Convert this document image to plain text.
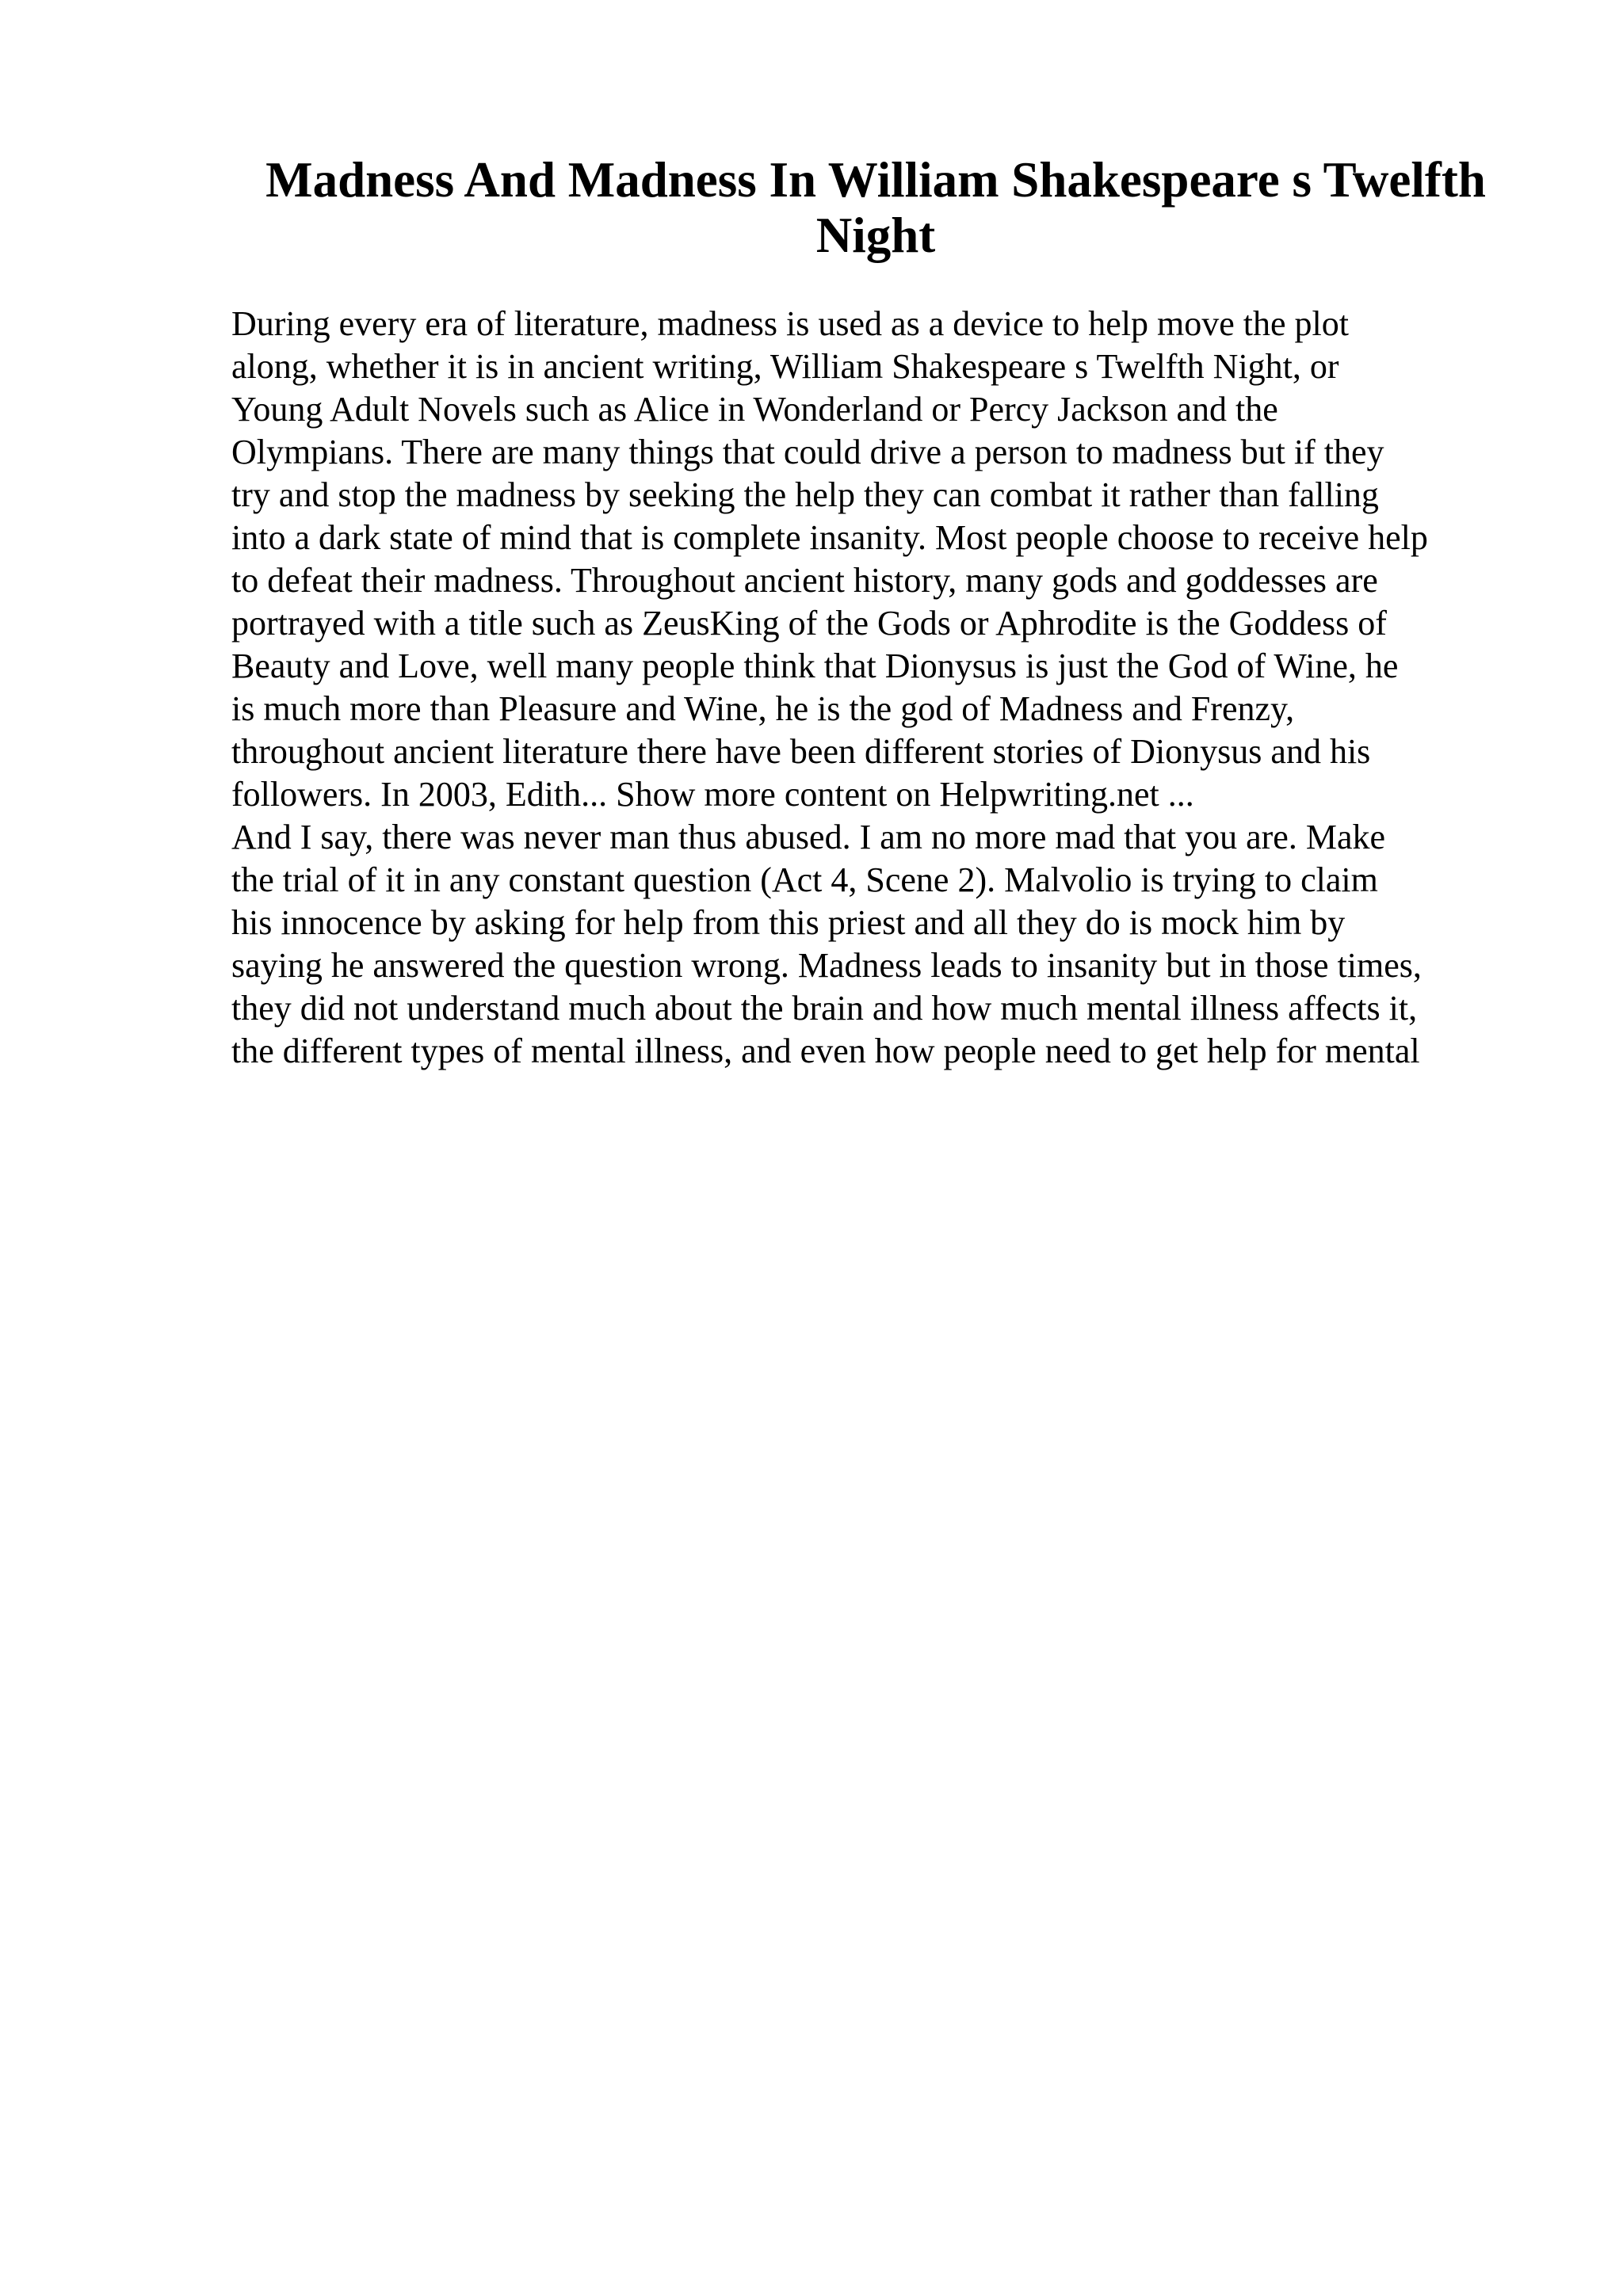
Madness And Madness In William Shakespeare s Twelfth Night
During every era of literature, madness is used as a device to help move the plot
along, whether it is in ancient writing, William Shakespeare s Twelfth Night, or
Young Adult Novels such as Alice in Wonderland or Percy Jackson and the
Olympians. There are many things that could drive a person to madness but if they
try and stop the madness by seeking the help they can combat it rather than falling
into a dark state of mind that is complete insanity. Most people choose to receive help
to defeat their madness. Throughout ancient history, many gods and goddesses are
portrayed with a title such as ZeusKing of the Gods or Aphrodite is the Goddess of
Beauty and Love, well many people think that Dionysus is just the God of Wine, he
is much more than Pleasure and Wine, he is the god of Madness and Frenzy,
throughout ancient literature there have been different stories of Dionysus and his
followers. In 2003, Edith... Show more content on Helpwriting.net ...
And I say, there was never man thus abused. I am no more mad that you are. Make
the trial of it in any constant question (Act 4, Scene 2). Malvolio is trying to claim
his innocence by asking for help from this priest and all they do is mock him by
saying he answered the question wrong. Madness leads to insanity but in those times,
they did not understand much about the brain and how much mental illness affects it,
the different types of mental illness, and even how people need to get help for mental
